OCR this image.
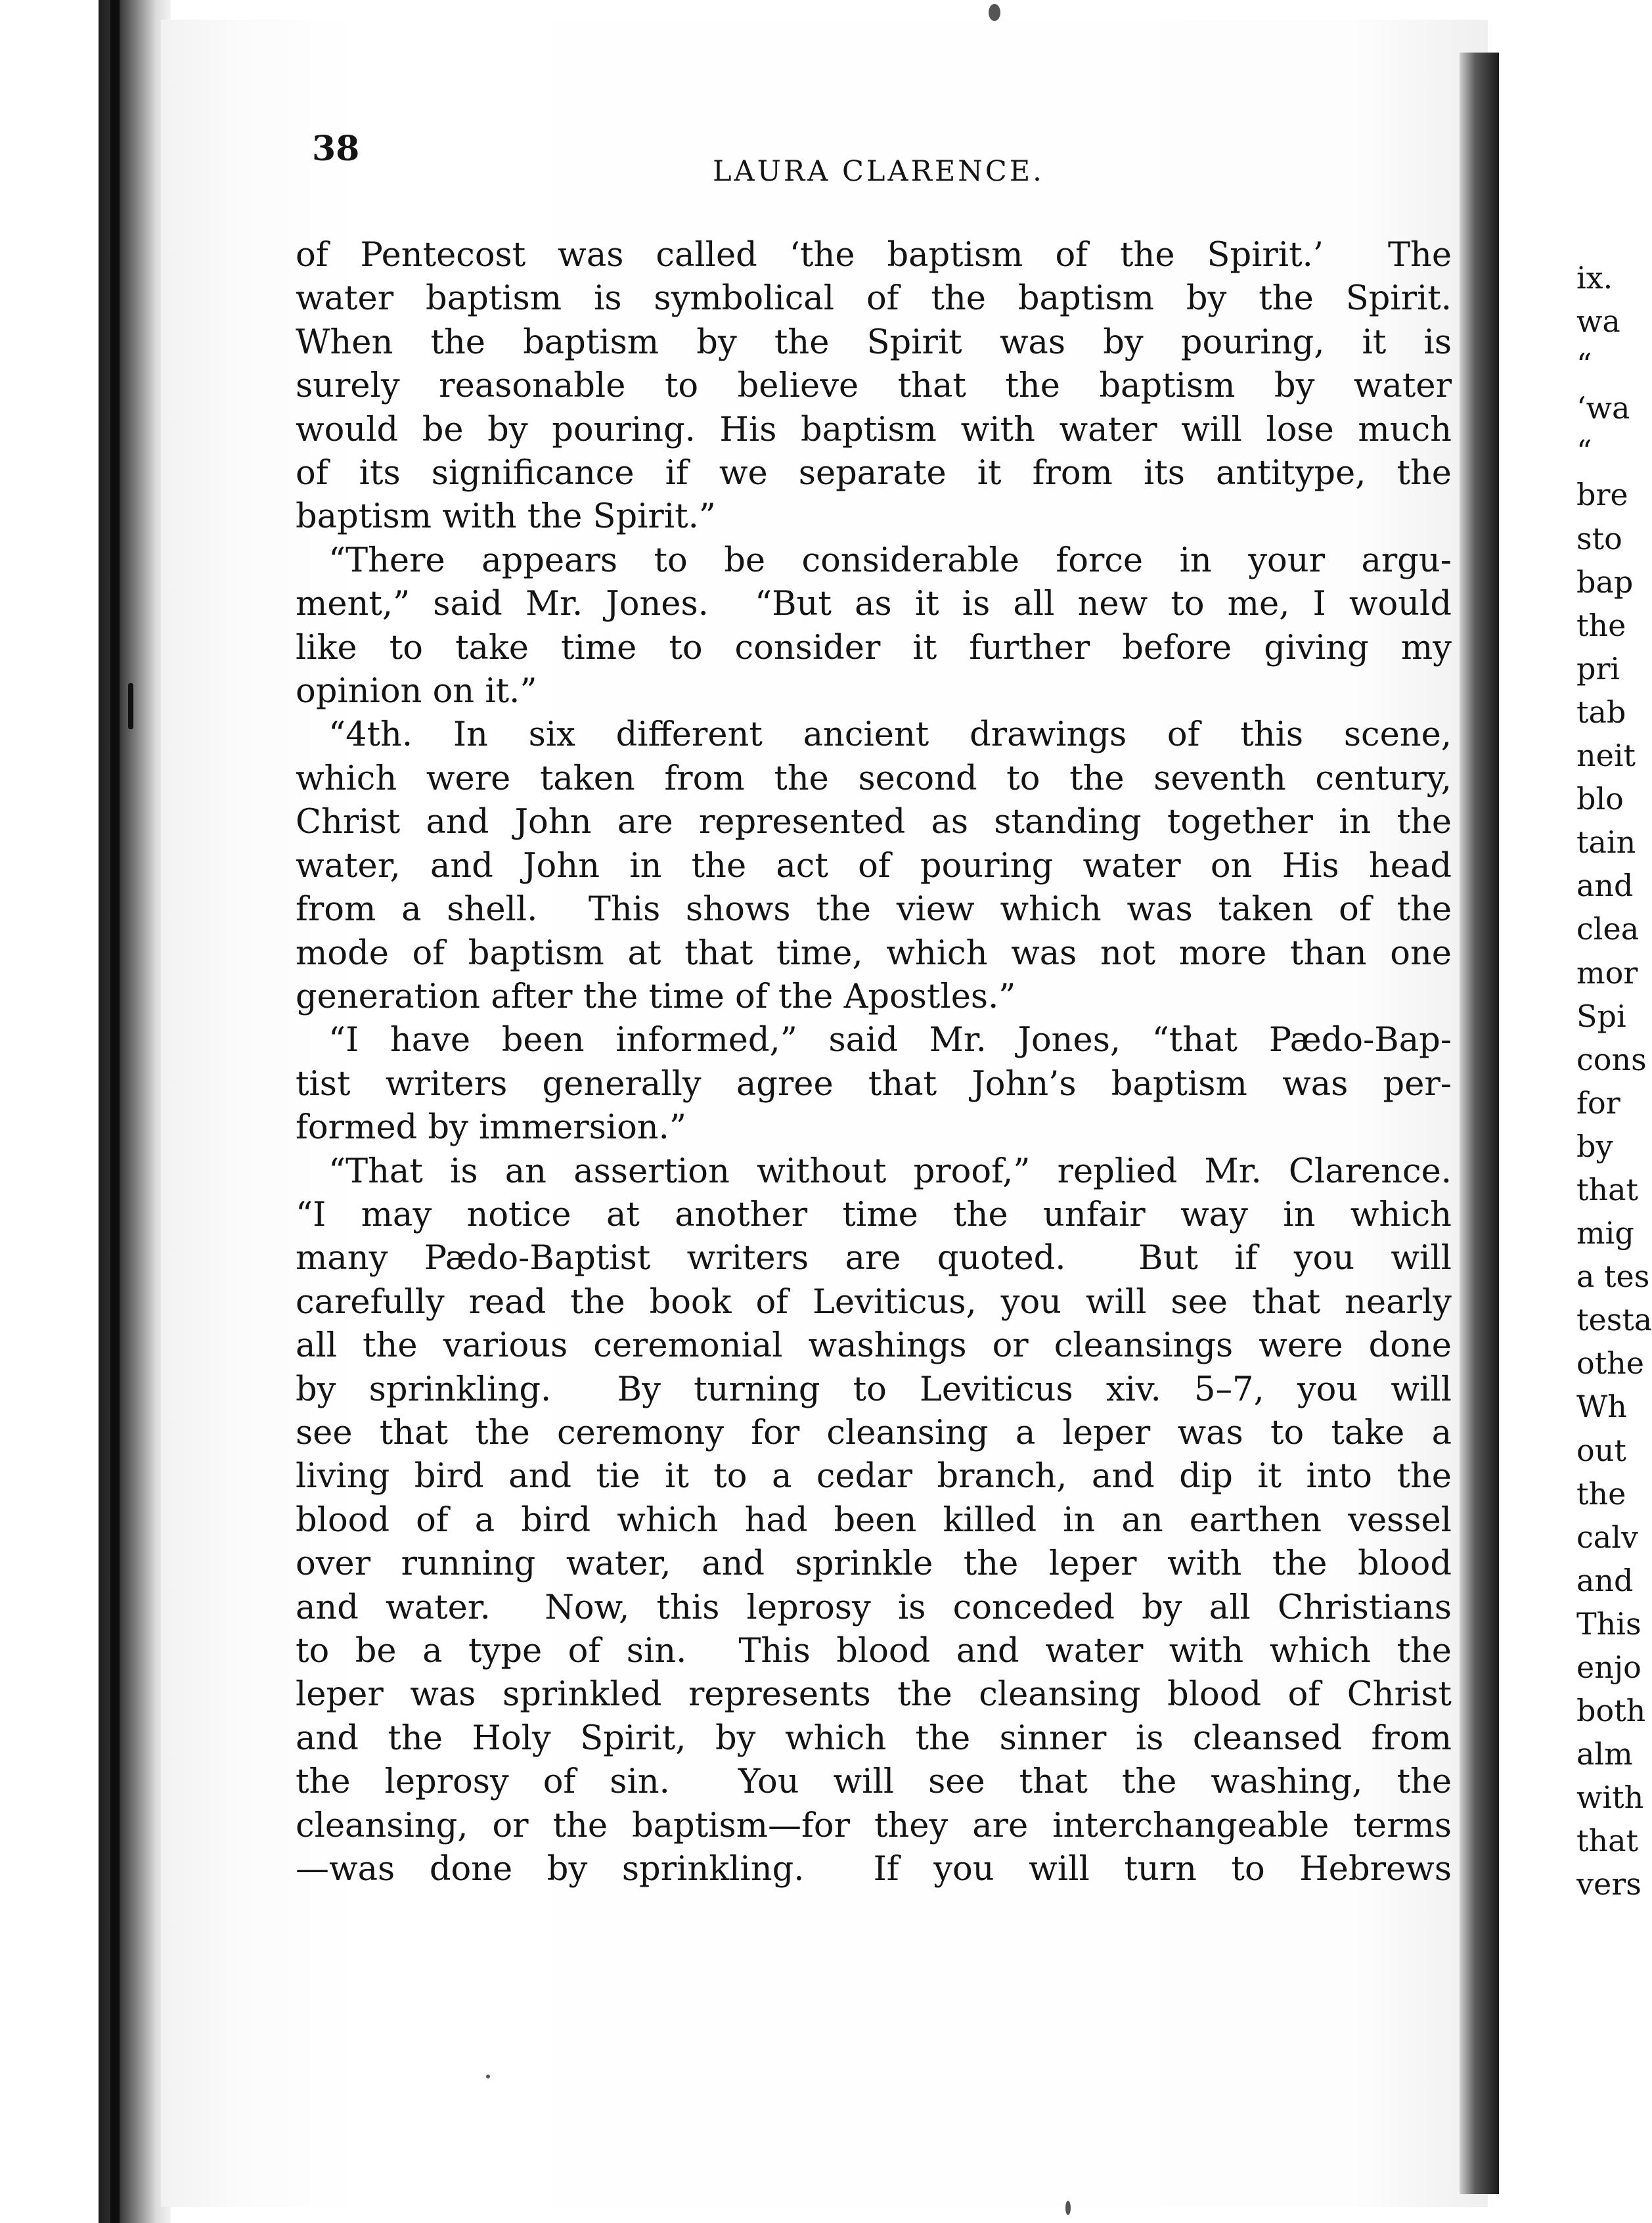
38
LAURA CLARENCE.
of Pentecost was called ‘the baptism of the Spirit.’  The
water baptism is symbolical of the baptism by the Spirit.
When the baptism by the Spirit was by pouring, it is
surely reasonable to believe that the baptism by water
would be by pouring. His baptism with water will lose much
of its significance if we separate it from its antitype, the
baptism with the Spirit.”
“There appears to be considerable force in your argu-
ment,” said Mr. Jones.  “But as it is all new to me, I would
like to take time to consider it further before giving my
opinion on it.”
“4th. In six different ancient drawings of this scene,
which were taken from the second to the seventh century,
Christ and John are represented as standing together in the
water, and John in the act of pouring water on His head
from a shell.  This shows the view which was taken of the
mode of baptism at that time, which was not more than one
generation after the time of the Apostles.”
“I have been informed,” said Mr. Jones, “that Pædo-Bap-
tist writers generally agree that John’s baptism was per-
formed by immersion.”
“That is an assertion without proof,” replied Mr. Clarence.
“I may notice at another time the unfair way in which
many Pædo-Baptist writers are quoted.  But if you will
carefully read the book of Leviticus, you will see that nearly
all the various ceremonial washings or cleansings were done
by sprinkling.  By turning to Leviticus xiv. 5–7, you will
see that the ceremony for cleansing a leper was to take a
living bird and tie it to a cedar branch, and dip it into the
blood of a bird which had been killed in an earthen vessel
over running water, and sprinkle the leper with the blood
and water.  Now, this leprosy is conceded by all Christians
to be a type of sin.  This blood and water with which the
leper was sprinkled represents the cleansing blood of Christ
and the Holy Spirit, by which the sinner is cleansed from
the leprosy of sin.  You will see that the washing, the
cleansing, or the baptism—for they are interchangeable terms
—was done by sprinkling.  If you will turn to Hebrews
ix.
wa
“
‘wa
“
bre
sto
bap
the
pri
tab
neit
blo
tain
and
clea
mor
Spi
cons
for
by
that
mig
a tes
testa
othe
Wh
out
the
calv
and
This
enjo
both
alm
with
that
vers
